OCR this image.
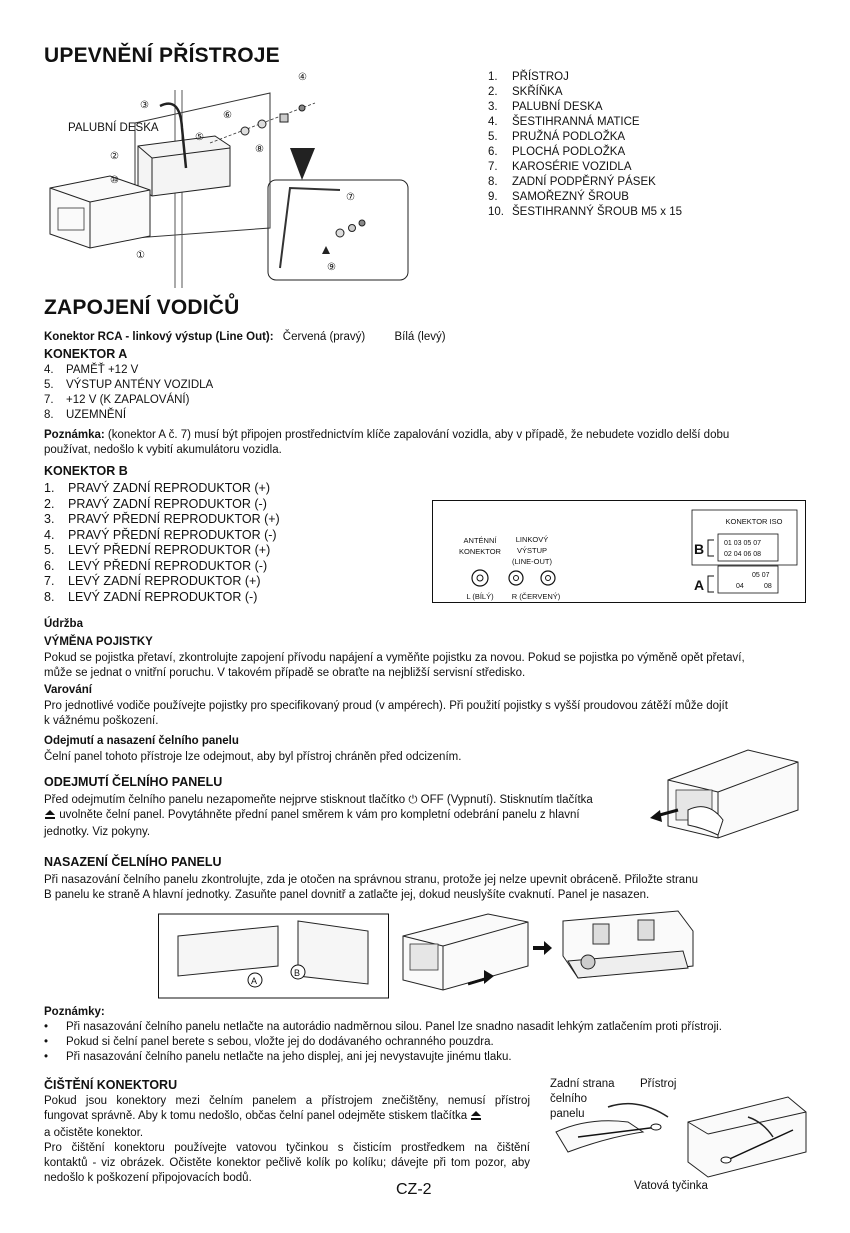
UPEVNĚNÍ PŘÍSTROJE
PALUBNÍ DESKA
①
②
③
④
⑤
⑥
⑦
⑧
⑨
⑩
1.	PŘÍSTROJ
2.	SKŘÍŇKA
3.	PALUBNÍ DESKA
4.	ŠESTIHRANNÁ MATICE
5.	PRUŽNÁ PODLOŽKA
6.	PLOCHÁ PODLOŽKA
7.	KAROSÉRIE VOZIDLA
8.	ZADNÍ PODPĚRNÝ PÁSEK
9.	SAMOŘEZNÝ ŠROUB
10. ŠESTIHRANNÝ ŠROUB M5 x 15
ZAPOJENÍ VODIČŮ
Konektor RCA - linkový výstup (Line Out): Červená (pravý)	Bílá (levý)
KONEKTOR A
4.	PAMĚŤ +12 V
5.	VÝSTUP ANTÉNY VOZIDLA
7.	+12 V (K ZAPALOVÁNÍ)
8.	UZEMNĚNÍ
Poznámka: (konektor A č. 7) musí být připojen prostřednictvím klíče zapalování vozidla, aby v případě, že nebudete vozidlo delší dobu
používat, nedošlo k vybití akumulátoru vozidla.
KONEKTOR B
1.	PRAVÝ ZADNÍ REPRODUKTOR (+)
2.	PRAVÝ ZADNÍ REPRODUKTOR (-)
3.	PRAVÝ PŘEDNÍ REPRODUKTOR (+)
4.	PRAVÝ PŘEDNÍ REPRODUKTOR (-)
5.	LEVÝ PŘEDNÍ REPRODUKTOR (+)
6.	LEVÝ PŘEDNÍ REPRODUKTOR (-)
7.	LEVÝ ZADNÍ REPRODUKTOR (+)
8.	LEVÝ ZADNÍ REPRODUKTOR (-)
ANTÉNNÍ
KONEKTOR
LINKOVÝ
VÝSTUP
(LINE-OUT)
L (BÍLÝ) R (ČERVENÝ)
KONEKTOR ISO
B
A
01 03 05 07
02 04 06 08
05 07
04	08
Údržba
VÝMĚNA POJISTKY
Pokud se pojistka přetaví, zkontrolujte zapojení přívodu napájení a vyměňte pojistku za novou. Pokud se pojistka po výměně opět přetaví,
může se jednat o vnitřní poruchu. V takovém případě se obraťte na nejbližší servisní středisko.
Varování
Pro jednotlivé vodiče používejte pojistky pro specifikovaný proud (v ampérech). Při použití pojistky s vyšší proudovou zátěží může dojít
k vážnému poškození.
Odejmutí a nasazení čelního panelu
Čelní panel tohoto přístroje lze odejmout, aby byl přístroj chráněn před odcizením.
ODEJMUTÍ ČELNÍHO PANELU
Před odejmutím čelního panelu nezapomeňte nejprve stisknout tlačítko ⏻ OFF (Vypnutí). Stisknutím tlačítka
uvolněte čelní panel. Povytáhněte přední panel směrem k vám pro kompletní odebrání panelu z hlavní
jednotky. Viz pokyny.
NASAZENÍ ČELNÍHO PANELU
Při nasazování čelního panelu zkontrolujte, zda je otočen na správnou stranu, protože jej nelze upevnit obráceně. Přiložte stranu
B panelu ke straně A hlavní jednotky. Zasuňte panel dovnitř a zatlačte jej, dokud neuslyšíte cvaknutí. Panel je nasazen.
A
B
Poznámky:
• Při nasazování čelního panelu netlačte na autorádio nadměrnou silou. Panel lze snadno nasadit lehkým zatlačením proti přístroji.
• Pokud si čelní panel berete s sebou, vložte jej do dodávaného ochranného pouzdra.
• Při nasazování čelního panelu netlačte na jeho displej, ani jej nevystavujte jinému tlaku.
ČIŠTĚNÍ KONEKTORU
Pokud jsou konektory mezi čelním panelem a přístrojem znečištěny, nemusí přístroj
fungovat správně. Aby k tomu nedošlo, občas čelní panel odejměte stiskem tlačítka
a očistěte konektor.
Pro čištění konektoru používejte vatovou tyčinkou s čisticím prostředkem na čištění
kontaktů - viz obrázek. Očistěte konektor pečlivě kolík po kolíku; dávejte při tom pozor, aby
nedošlo k poškození připojovacích bodů.
Zadní strana
čelního
panelu
Přístroj
Vatová tyčinka
CZ-2
